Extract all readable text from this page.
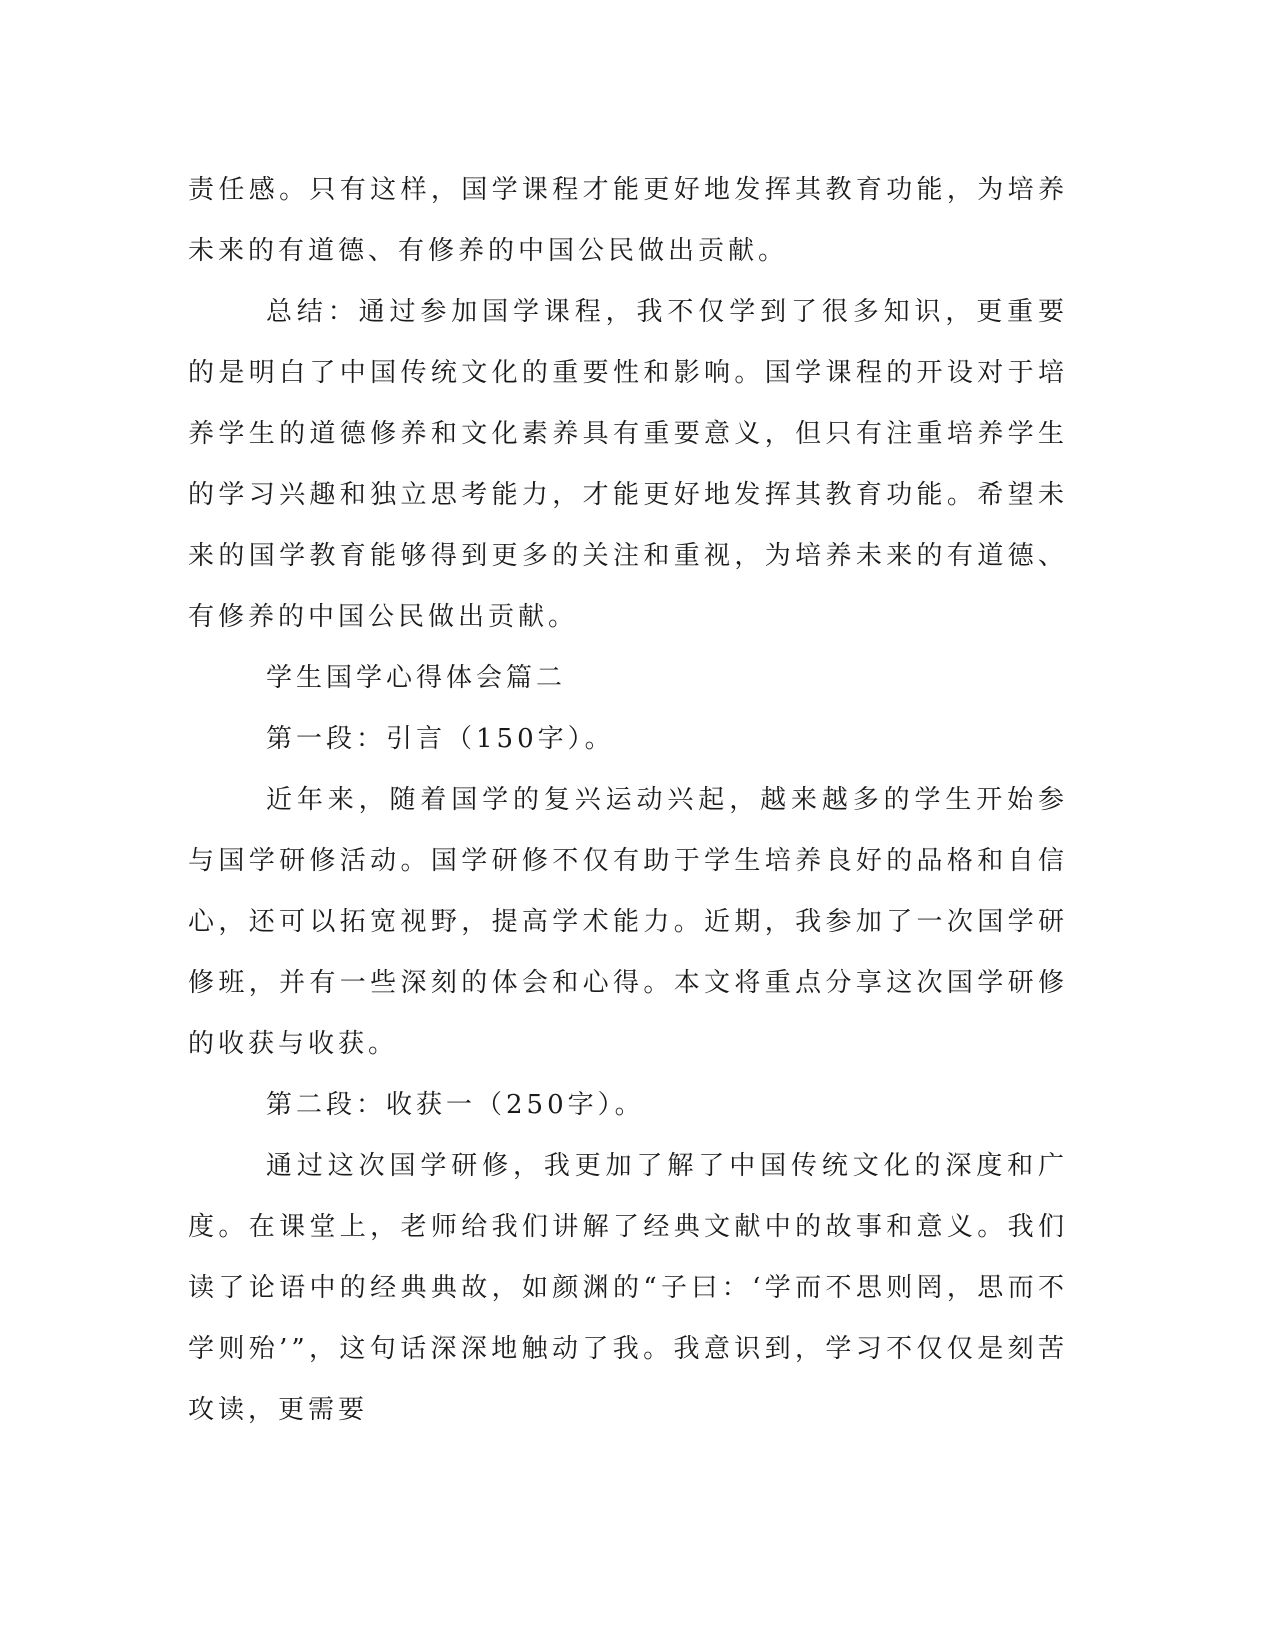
责任感。只有这样，国学课程才能更好地发挥其教育功能，为培养未来的有道德、有修养的中国公民做出贡献。

总结：通过参加国学课程，我不仅学到了很多知识，更重要的是明白了中国传统文化的重要性和影响。国学课程的开设对于培养学生的道德修养和文化素养具有重要意义，但只有注重培养学生的学习兴趣和独立思考能力，才能更好地发挥其教育功能。希望未来的国学教育能够得到更多的关注和重视，为培养未来的有道德、有修养的中国公民做出贡献。

学生国学心得体会篇二

第一段：引言（150字）。

近年来，随着国学的复兴运动兴起，越来越多的学生开始参与国学研修活动。国学研修不仅有助于学生培养良好的品格和自信心，还可以拓宽视野，提高学术能力。近期，我参加了一次国学研修班，并有一些深刻的体会和心得。本文将重点分享这次国学研修的收获与收获。

第二段：收获一（250字）。

通过这次国学研修，我更加了解了中国传统文化的深度和广度。在课堂上，老师给我们讲解了经典文献中的故事和意义。我们读了论语中的经典典故，如颜渊的“子曰：‘学而不思则罔，思而不学则殆’”，这句话深深地触动了我。我意识到，学习不仅仅是刻苦攻读，更需要
